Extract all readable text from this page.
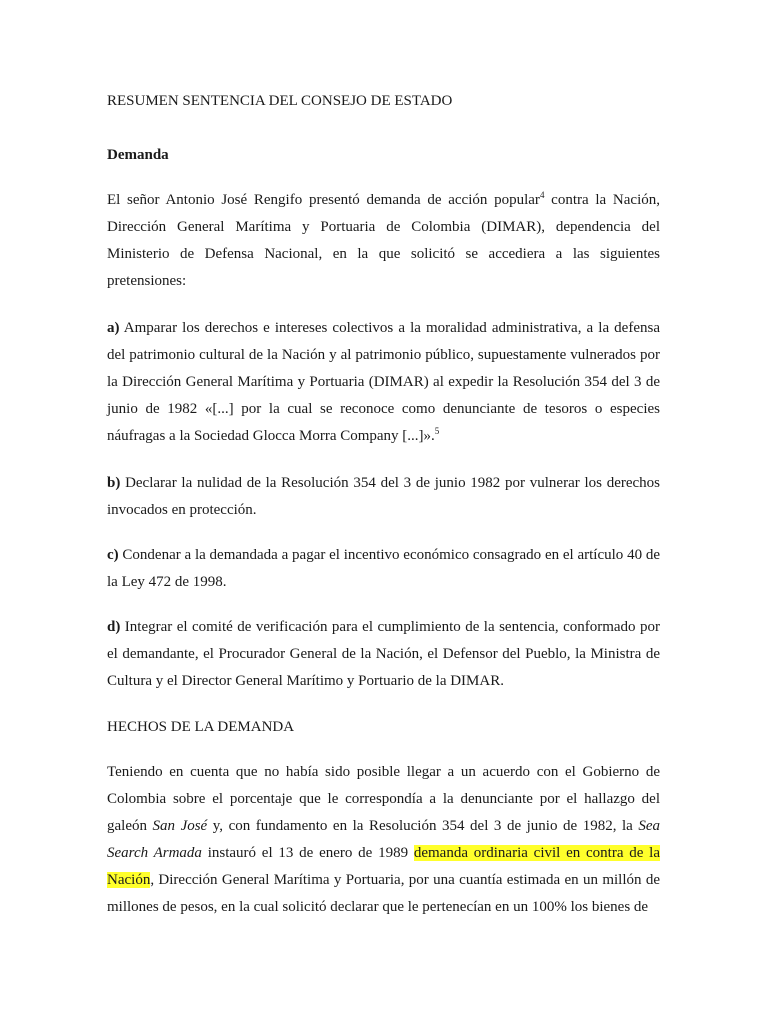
RESUMEN SENTENCIA DEL CONSEJO DE ESTADO
Demanda

El señor Antonio José Rengifo presentó demanda de acción popular$^4$ contra la Nación, Dirección General Marítima y Portuaria de Colombia (DIMAR), dependencia del Ministerio de Defensa Nacional, en la que solicitó se accediera a las siguientes pretensiones:

a) Amparar los derechos e intereses colectivos a la moralidad administrativa, a la defensa del patrimonio cultural de la Nación y al patrimonio público, supuestamente vulnerados por la Dirección General Marítima y Portuaria (DIMAR) al expedir la Resolución 354 del 3 de junio de 1982 «[...] por la cual se reconoce como denunciante de tesoros o especies náufragas a la Sociedad Glocca Morra Company [...]».$^5$

b) Declarar la nulidad de la Resolución 354 del 3 de junio 1982 por vulnerar los derechos invocados en protección.

c) Condenar a la demandada a pagar el incentivo económico consagrado en el artículo 40 de la Ley 472 de 1998.

d) Integrar el comité de verificación para el cumplimiento de la sentencia, conformado por el demandante, el Procurador General de la Nación, el Defensor del Pueblo, la Ministra de Cultura y el Director General Marítimo y Portuario de la DIMAR.

HECHOS DE LA DEMANDA

Teniendo en cuenta que no había sido posible llegar a un acuerdo con el Gobierno de Colombia sobre el porcentaje que le correspondía a la denunciante por el hallazgo del galeón San José y, con fundamento en la Resolución 354 del 3 de junio de 1982, la Sea Search Armada instauró el 13 de enero de 1989 demanda ordinaria civil en contra de la Nación, Dirección General Marítima y Portuaria, por una cuantía estimada en un millón de millones de pesos, en la cual solicitó declarar que le pertenecían en un 100% los bienes de
